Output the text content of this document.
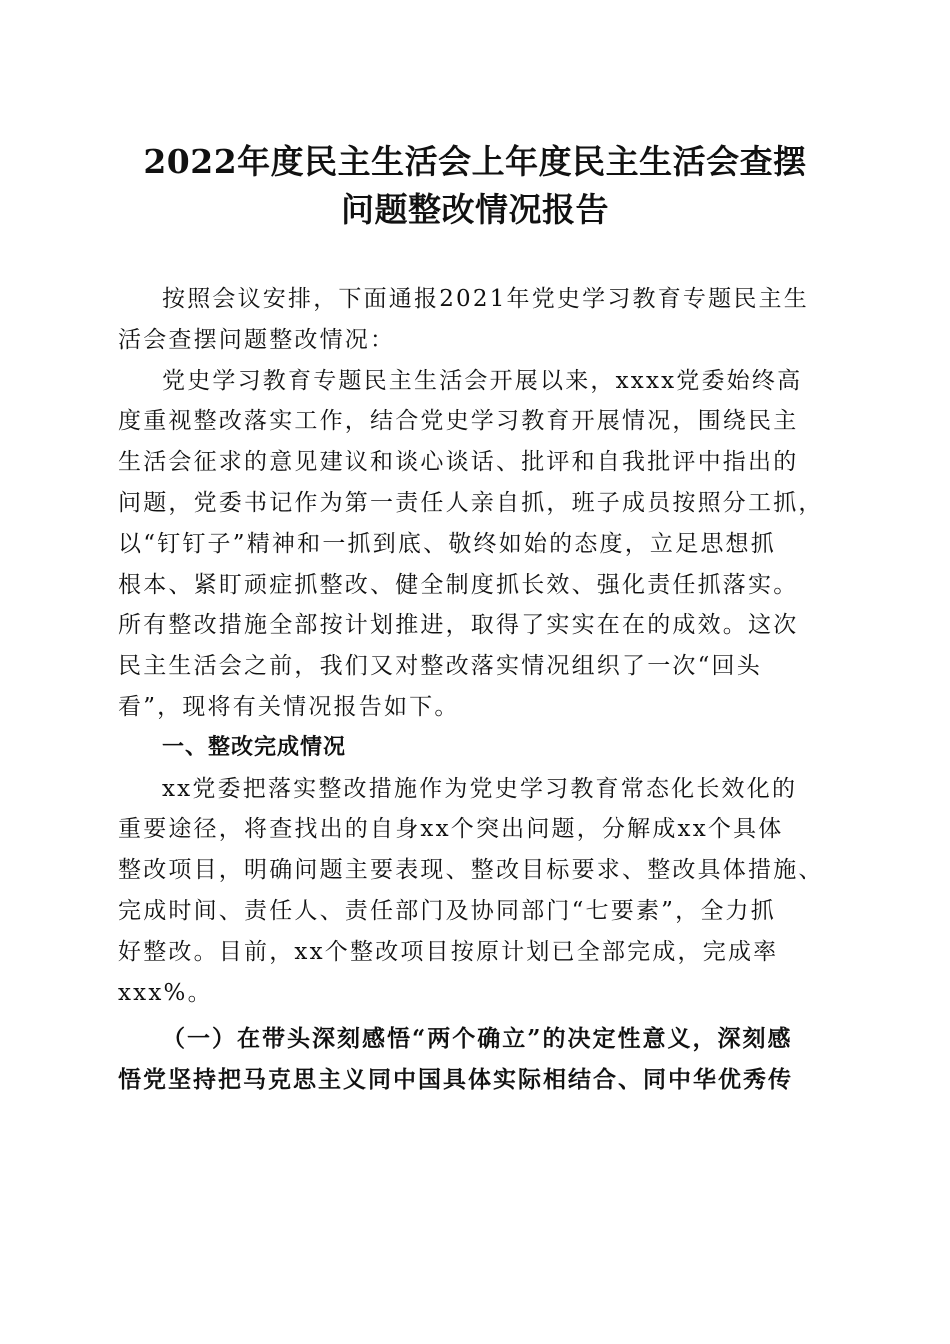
2022年度民主生活会上年度民主生活会查摆
问题整改情况报告
按照会议安排，下面通报2021年党史学习教育专题民主生
活会查摆问题整改情况：
党史学习教育专题民主生活会开展以来，xxxx党委始终高
度重视整改落实工作，结合党史学习教育开展情况，围绕民主
生活会征求的意见建议和谈心谈话、批评和自我批评中指出的
问题，党委书记作为第一责任人亲自抓，班子成员按照分工抓，
以“钉钉子”精神和一抓到底、敬终如始的态度，立足思想抓
根本、紧盯顽症抓整改、健全制度抓长效、强化责任抓落实。
所有整改措施全部按计划推进，取得了实实在在的成效。这次
民主生活会之前，我们又对整改落实情况组织了一次“回头
看”，现将有关情况报告如下。
一、整改完成情况
xx党委把落实整改措施作为党史学习教育常态化长效化的
重要途径，将查找出的自身xx个突出问题，分解成xx个具体
整改项目，明确问题主要表现、整改目标要求、整改具体措施、
完成时间、责任人、责任部门及协同部门“七要素”，全力抓
好整改。目前，xx个整改项目按原计划已全部完成，完成率
xxx%。
（一）在带头深刻感悟“两个确立”的决定性意义，深刻感
悟党坚持把马克思主义同中国具体实际相结合、同中华优秀传
